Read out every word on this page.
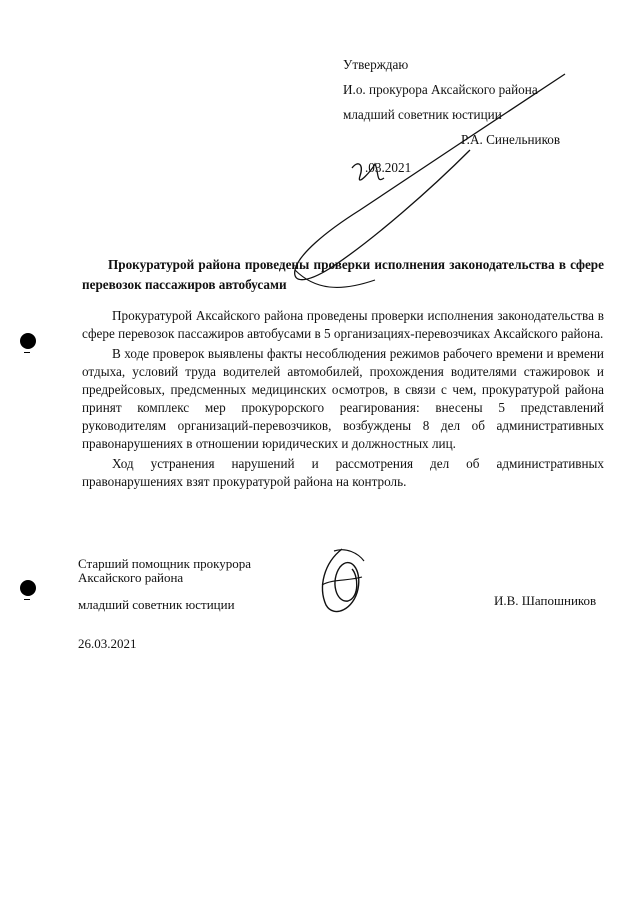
Утверждаю
И.о. прокурора Аксайского района
младший советник юстиции
Р.А. Синельников
.03.2021
Прокуратурой района проведены проверки исполнения законодательства в сфере перевозок пассажиров автобусами

Прокуратурой Аксайского района проведены проверки исполнения законодательства в сфере перевозок пассажиров автобусами в 5 организациях-перевозчиках Аксайского района.

В ходе проверок выявлены факты несоблюдения режимов рабочего времени и времени отдыха, условий труда водителей автомобилей, прохождения водителями стажировок и предрейсовых, предсменных медицинских осмотров, в связи с чем, прокуратурой района принят комплекс мер прокурорского реагирования: внесены 5 представлений руководителям организаций-перевозчиков, возбуждены 8 дел об административных правонарушениях в отношении юридических и должностных лиц.

Ход устранения нарушений и рассмотрения дел об административных правонарушениях взят прокуратурой района на контроль.

Старший помощник прокурора
Аксайского района
младший советник юстиции	И.В. Шапошников
26.03.2021
